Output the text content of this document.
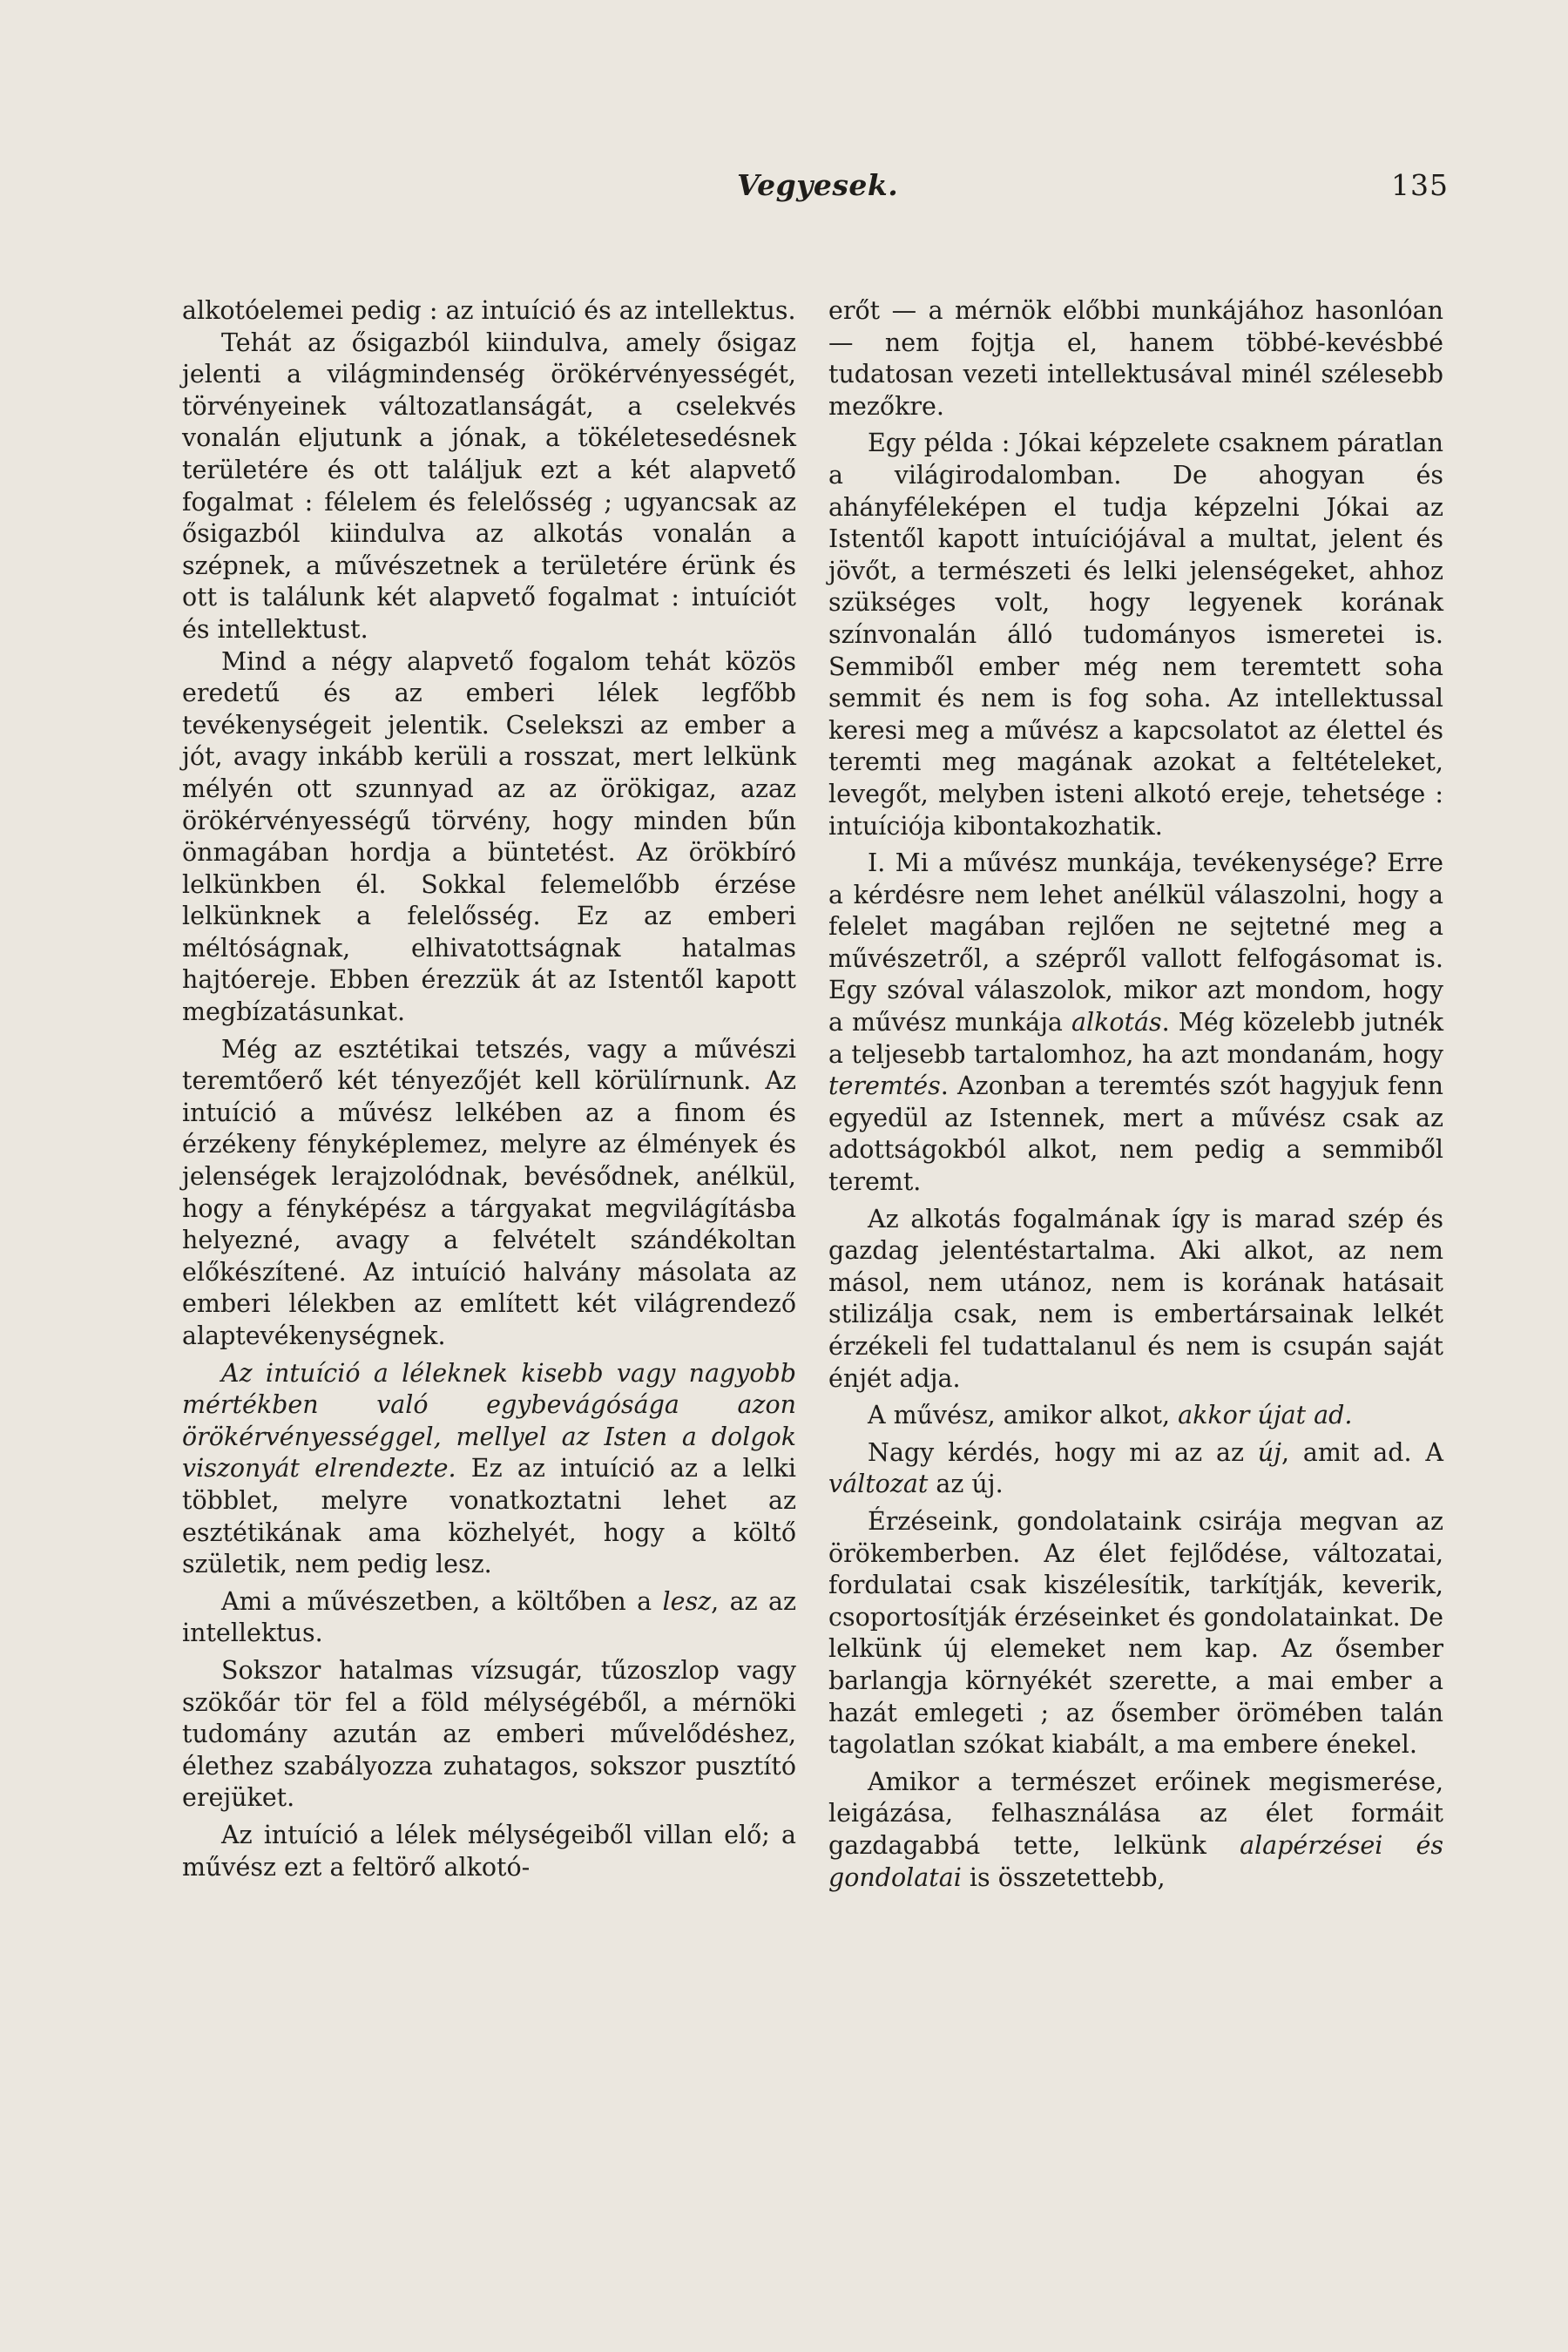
Vegyesek.	135

alkotóelemei pedig : az intuíció és az intellektus.

Tehát az ősigazból kiindulva, amely ősigaz jelenti a világmindenség örökérvényességét, törvényeinek változatlanságát, a cselekvés vonalán eljutunk a jónak, a tökéletesedésnek területére és ott találjuk ezt a két alapvető fogalmat : félelem és felelősség ; ugyancsak az ősigazból kiindulva az alkotás vonalán a szépnek, a művészetnek a területére érünk és ott is találunk két alapvető fogalmat : intuíciót és intellektust.

Mind a négy alapvető fogalom tehát közös eredetű és az emberi lélek legfőbb tevékenységeit jelentik. Cselekszi az ember a jót, avagy inkább kerüli a rosszat, mert lelkünk mélyén ott szunnyad az az örökigaz, azaz örökérvényességű törvény, hogy minden bűn önmagában hordja a büntetést. Az örökbíró lelkünkben él. Sokkal felemelőbb érzése lelkünknek a felelősség. Ez az emberi méltóságnak, elhivatottságnak hatalmas hajtóereje. Ebben érezzük át az Istentől kapott megbízatásunkat.

Még az esztétikai tetszés, vagy a művészi teremtőerő két tényezőjét kell körülírnunk. Az intuíció a művész lelkében az a finom és érzékeny fényképlemez, melyre az élmények és jelenségek lerajzolódnak, bevésődnek, anélkül, hogy a fényképész a tárgyakat megvilágításba helyezné, avagy a felvételt szándékoltan előkészítené. Az intuíció halvány másolata az emberi lélekben az említett két világrendező alaptevékenységnek.

Az intuíció a léleknek kisebb vagy nagyobb mértékben való egybevágósága azon örökérvényességgel, mellyel az Isten a dolgok viszonyát elrendezte. Ez az intuíció az a lelki többlet, melyre vonatkoztatni lehet az esztétikának ama közhelyét, hogy a költő születik, nem pedig lesz.

Ami a művészetben, a költőben a lesz, az az intellektus.

Sokszor hatalmas vízsugár, tűzoszlop vagy szökőár tör fel a föld mélységéből, a mérnöki tudomány azután az emberi művelődéshez, élethez szabályozza zuhatagos, sokszor pusztító erejüket.

Az intuíció a lélek mélységeiből villan elő; a művész ezt a feltörő alkotó-

erőt — a mérnök előbbi munkájához hasonlóan — nem fojtja el, hanem többé-kevésbbé tudatosan vezeti intellektusával minél szélesebb mezőkre.

Egy példa : Jókai képzelete csaknem páratlan a világirodalomban. De ahogyan és ahányféleképen el tudja képzelni Jókai az Istentől kapott intuíciójával a multat, jelent és jövőt, a természeti és lelki jelenségeket, ahhoz szükséges volt, hogy legyenek korának színvonalán álló tudományos ismeretei is. Semmiből ember még nem teremtett soha semmit és nem is fog soha. Az intellektussal keresi meg a művész a kapcsolatot az élettel és teremti meg magának azokat a feltételeket, levegőt, melyben isteni alkotó ereje, tehetsége : intuíciója kibontakozhatik.

I. Mi a művész munkája, tevékenysége? Erre a kérdésre nem lehet anélkül válaszolni, hogy a felelet magában rejlően ne sejtetné meg a művészetről, a szépről vallott felfogásomat is. Egy szóval válaszolok, mikor azt mondom, hogy a művész munkája alkotás. Még közelebb jutnék a teljesebb tartalomhoz, ha azt mondanám, hogy teremtés. Azonban a teremtés szót hagyjuk fenn egyedül az Istennek, mert a művész csak az adottságokból alkot, nem pedig a semmiből teremt.

Az alkotás fogalmának így is marad szép és gazdag jelentéstartalma. Aki alkot, az nem másol, nem utánoz, nem is korának hatásait stilizálja csak, nem is embertársainak lelkét érzékeli fel tudattalanul és nem is csupán saját énjét adja.

A művész, amikor alkot, akkor újat ad.

Nagy kérdés, hogy mi az az új, amit ad. A változat az új.

Érzéseink, gondolataink csirája megvan az örökemberben. Az élet fejlődése, változatai, fordulatai csak kiszélesítik, tarkítják, keverik, csoportosítják érzéseinket és gondolatainkat. De lelkünk új elemeket nem kap. Az ősember barlangja környékét szerette, a mai ember a hazát emlegeti ; az ősember örömében talán tagolatlan szókat kiabált, a ma embere énekel.

Amikor a természet erőinek megismerése, leigázása, felhasználása az élet formáit gazdagabbá tette, lelkünk alapérzései és gondolatai is összetettebb,
